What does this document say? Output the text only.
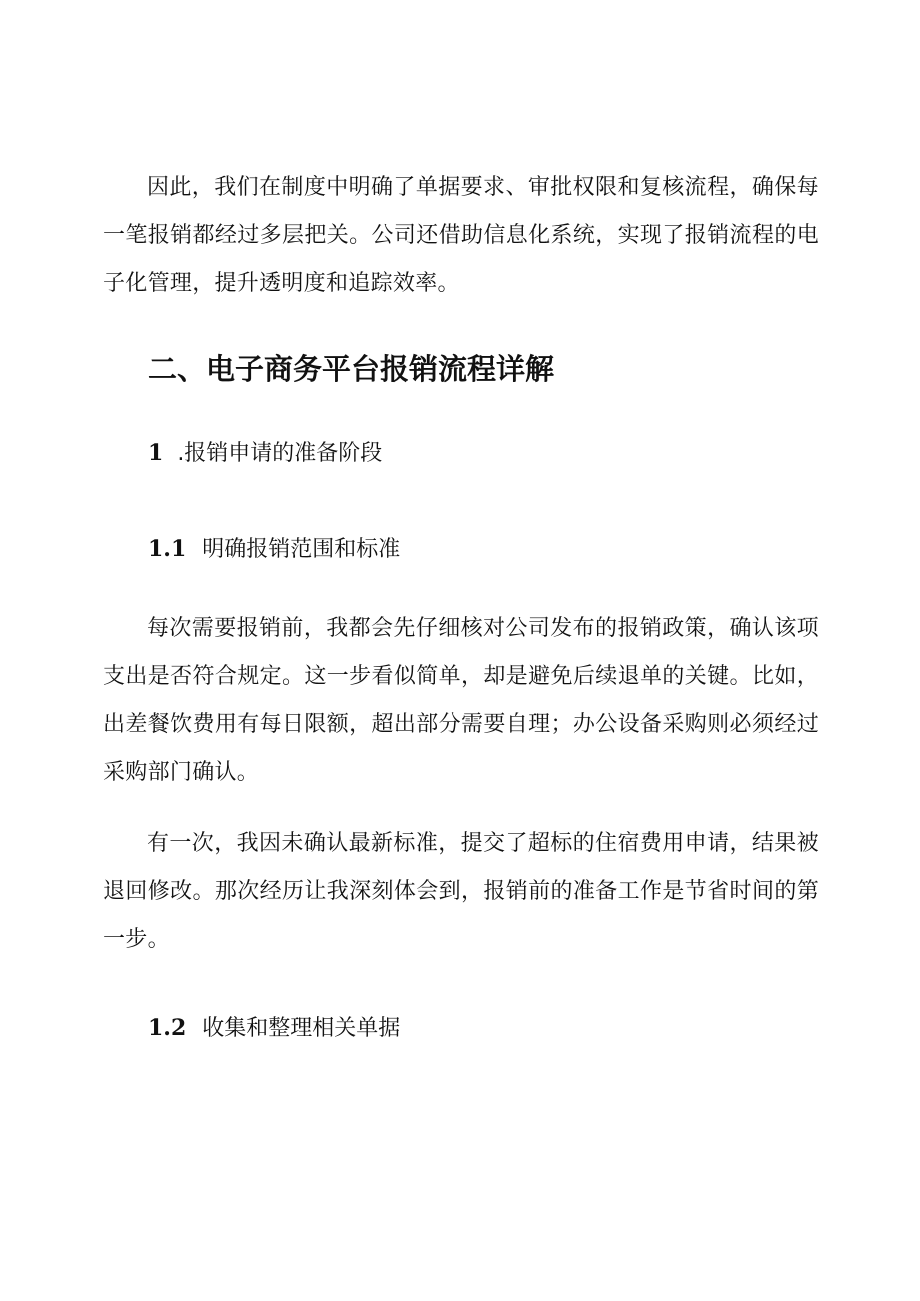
因此，我们在制度中明确了单据要求、审批权限和复核流程，确保每一笔报销都经过多层把关。公司还借助信息化系统，实现了报销流程的电子化管理，提升透明度和追踪效率。

二、电子商务平台报销流程详解
1 .报销申请的准备阶段
1.1 明确报销范围和标准

每次需要报销前，我都会先仔细核对公司发布的报销政策，确认该项支出是否符合规定。这一步看似简单，却是避免后续退单的关键。比如，出差餐饮费用有每日限额，超出部分需要自理；办公设备采购则必须经过采购部门确认。

有一次，我因未确认最新标准，提交了超标的住宿费用申请，结果被退回修改。那次经历让我深刻体会到，报销前的准备工作是节省时间的第一步。

1.2 收集和整理相关单据
